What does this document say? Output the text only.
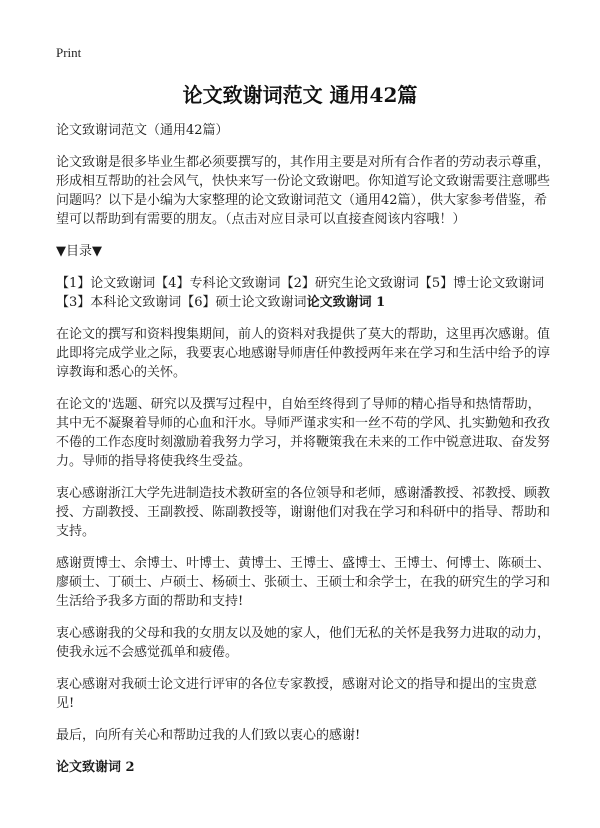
Print
论文致谢词范文 通用42篇

论文致谢词范文（通用42篇）

论文致谢是很多毕业生都必须要撰写的，其作用主要是对所有合作者的劳动表示尊重，形成相互帮助的社会风气，快快来写一份论文致谢吧。你知道写论文致谢需要注意哪些问题吗？以下是小编为大家整理的论文致谢词范文（通用42篇），供大家参考借鉴，希望可以帮助到有需要的朋友。（点击对应目录可以直接查阅该内容哦！）

▼目录▼
【1】论文致谢词【4】专科论文致谢词【2】研究生论文致谢词【5】博士论文致谢词【3】本科论文致谢词【6】硕士论文致谢词论文致谢词 1

在论文的撰写和资料搜集期间，前人的资料对我提供了莫大的帮助，这里再次感谢。值此即将完成学业之际，我要衷心地感谢导师唐任仲教授两年来在学习和生活中给予的谆谆教诲和悉心的关怀。

在论文的'选题、研究以及撰写过程中，自始至终得到了导师的精心指导和热情帮助，其中无不凝聚着导师的心血和汗水。导师严谨求实和一丝不苟的学风、扎实勤勉和孜孜不倦的工作态度时刻激励着我努力学习，并将鞭策我在未来的工作中锐意进取、奋发努力。导师的指导将使我终生受益。

衷心感谢浙江大学先进制造技术教研室的各位领导和老师，感谢潘教授、祁教授、顾教授、方副教授、王副教授、陈副教授等，谢谢他们对我在学习和科研中的指导、帮助和支持。

感谢贾博士、余博士、叶博士、黄博士、王博士、盛博士、王博士、何博士、陈硕士、廖硕士、丁硕士、卢硕士、杨硕士、张硕士、王硕士和余学士，在我的研究生的学习和生活给予我多方面的帮助和支持!

衷心感谢我的父母和我的女朋友以及她的家人，他们无私的关怀是我努力进取的动力，使我永远不会感觉孤单和疲倦。

衷心感谢对我硕士论文进行评审的各位专家教授，感谢对论文的指导和提出的宝贵意见!

最后，向所有关心和帮助过我的人们致以衷心的感谢!

论文致谢词 2
